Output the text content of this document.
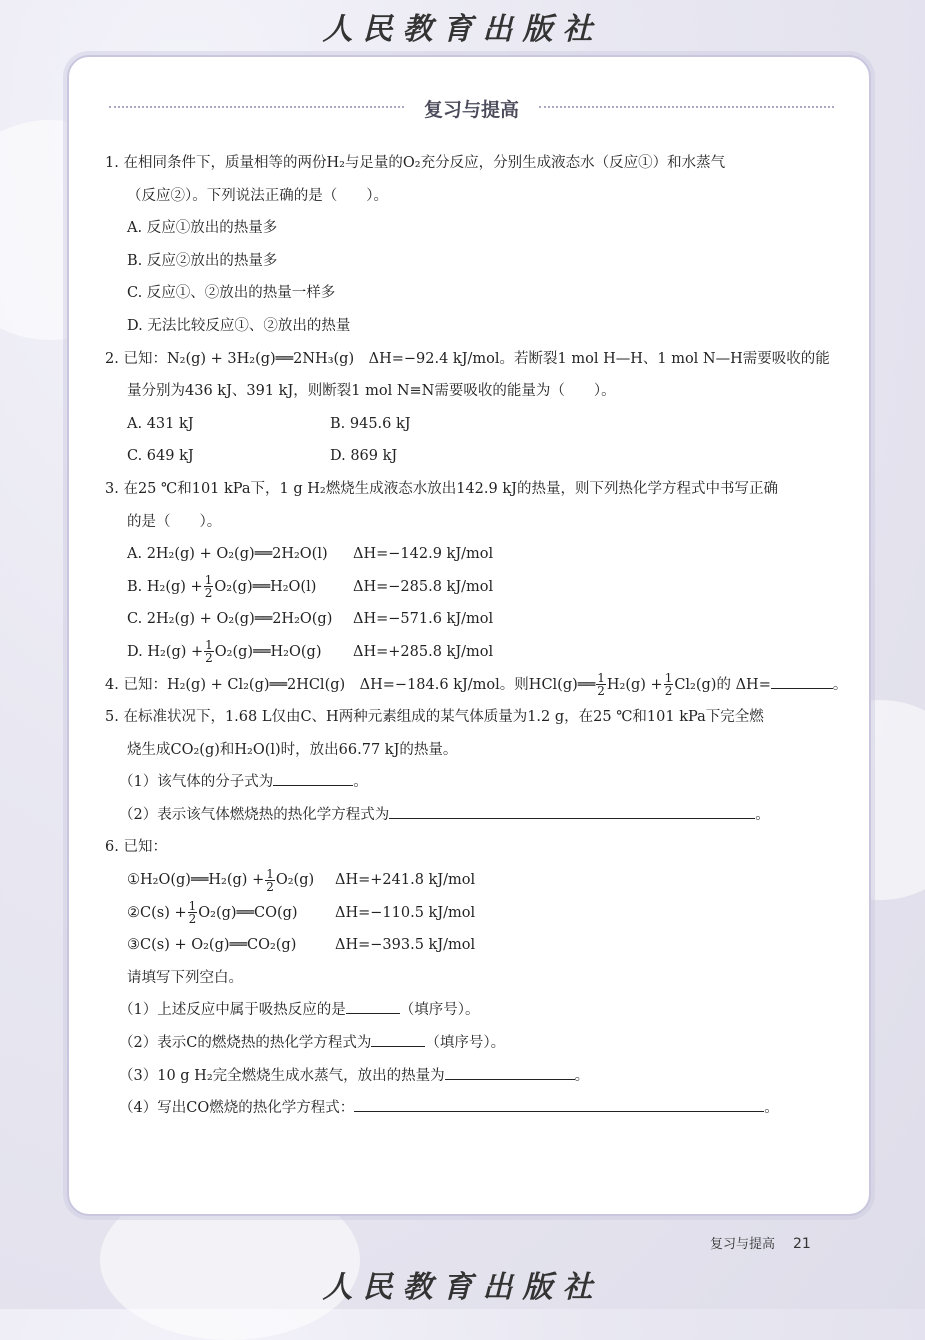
人民教育出版社
复习与提高
1. 在相同条件下，质量相等的两份H₂与足量的O₂充分反应，分别生成液态水（反应①）和水蒸气
（反应②）。下列说法正确的是（　　）。
A. 反应①放出的热量多
B. 反应②放出的热量多
C. 反应①、②放出的热量一样多
D. 无法比较反应①、②放出的热量
2. 已知：N₂(g) + 3H₂(g)══2NH₃(g)　ΔH=−92.4 kJ/mol。若断裂1 mol H—H、1 mol N—H需要吸收的能
量分别为436 kJ、391 kJ，则断裂1 mol N≡N需要吸收的能量为（　　）。
A. 431 kJ	B. 945.6 kJ
C. 649 kJ	D. 869 kJ
3. 在25 ℃和101 kPa下，1 g H₂燃烧生成液态水放出142.9 kJ的热量，则下列热化学方程式中书写正确
的是（　　）。
A. 2H₂(g) + O₂(g)══2H₂O(l) ΔH=−142.9 kJ/mol
B. $H_2(g) + \frac{1}{2}$ O₂(g)══H₂O(l)	ΔH=−285.8 kJ/mol
C. 2H₂(g) + O₂(g)══2H₂O(g) ΔH=−571.6 kJ/mol
D. $H_2(g) + \frac{1}{2}$ O₂(g)══H₂O(g) ΔH=+285.8 kJ/mol
4. 已知：H₂(g) + Cl₂(g)══2HCl(g)　ΔH=−184.6 kJ/mol。则HCl(g)══ $\frac{1}{2} H_2(g) + \frac{1}{2} Cl_2(g)$的 ΔH=	。
5. 在标准状况下，1.68 L仅由C、H两种元素组成的某气体质量为1.2 g，在25 ℃和101 kPa下完全燃
烧生成CO₂(g)和H₂O(l)时，放出66.77 kJ的热量。
（1）该气体的分子式为	。
（2）表示该气体燃烧热的热化学方程式为	。
6. 已知：
①H₂O(g)══H₂(g) + $\frac{1}{2} O_2(g)$ ΔH=+241.8 kJ/mol
②C(s) + $\frac{1}{2}$ O₂(g)══CO(g)	ΔH=−110.5 kJ/mol
③C(s) + O₂(g)══CO₂(g)	ΔH=−393.5 kJ/mol
请填写下列空白。
（1）上述反应中属于吸热反应的是	（填序号）。
（2）表示C的燃烧热的热化学方程式为	（填序号）。
（3）10 g H₂完全燃烧生成水蒸气，放出的热量为	。
（4）写出CO燃烧的热化学方程式：	。
复习与提高 21
人民教育出版社
